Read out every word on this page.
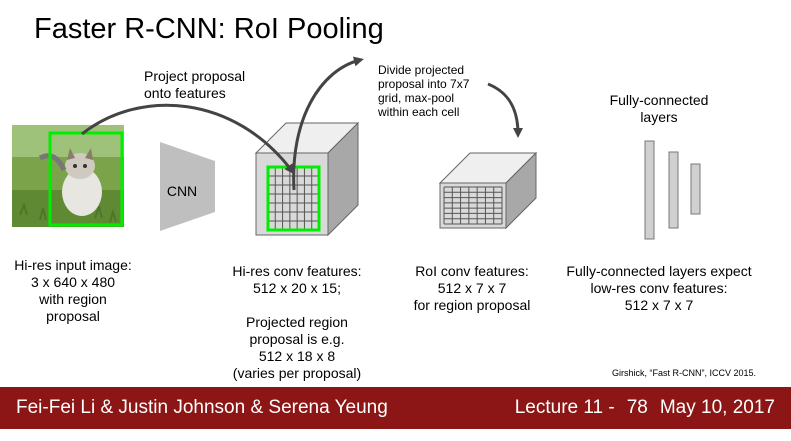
Faster R-CNN: RoI Pooling
CNN
Project proposal
onto features
Divide projected
proposal into 7x7
grid, max-pool
within each cell
Fully-connected
layers
Hi-res input image:
3 x 640 x 480
with region
proposal
Hi-res conv features:
512 x 20 x 15;
Projected region
proposal is e.g.
512 x 18 x 8
(varies per proposal)
RoI conv features:
512 x 7 x 7
for region proposal
Fully-connected layers expect
low-res conv features:
512 x 7 x 7
Girshick, “Fast R-CNN”, ICCV 2015.
Fei-Fei Li & Justin Johnson & Serena Yeung	Lecture 11 - 78 May 10, 2017
